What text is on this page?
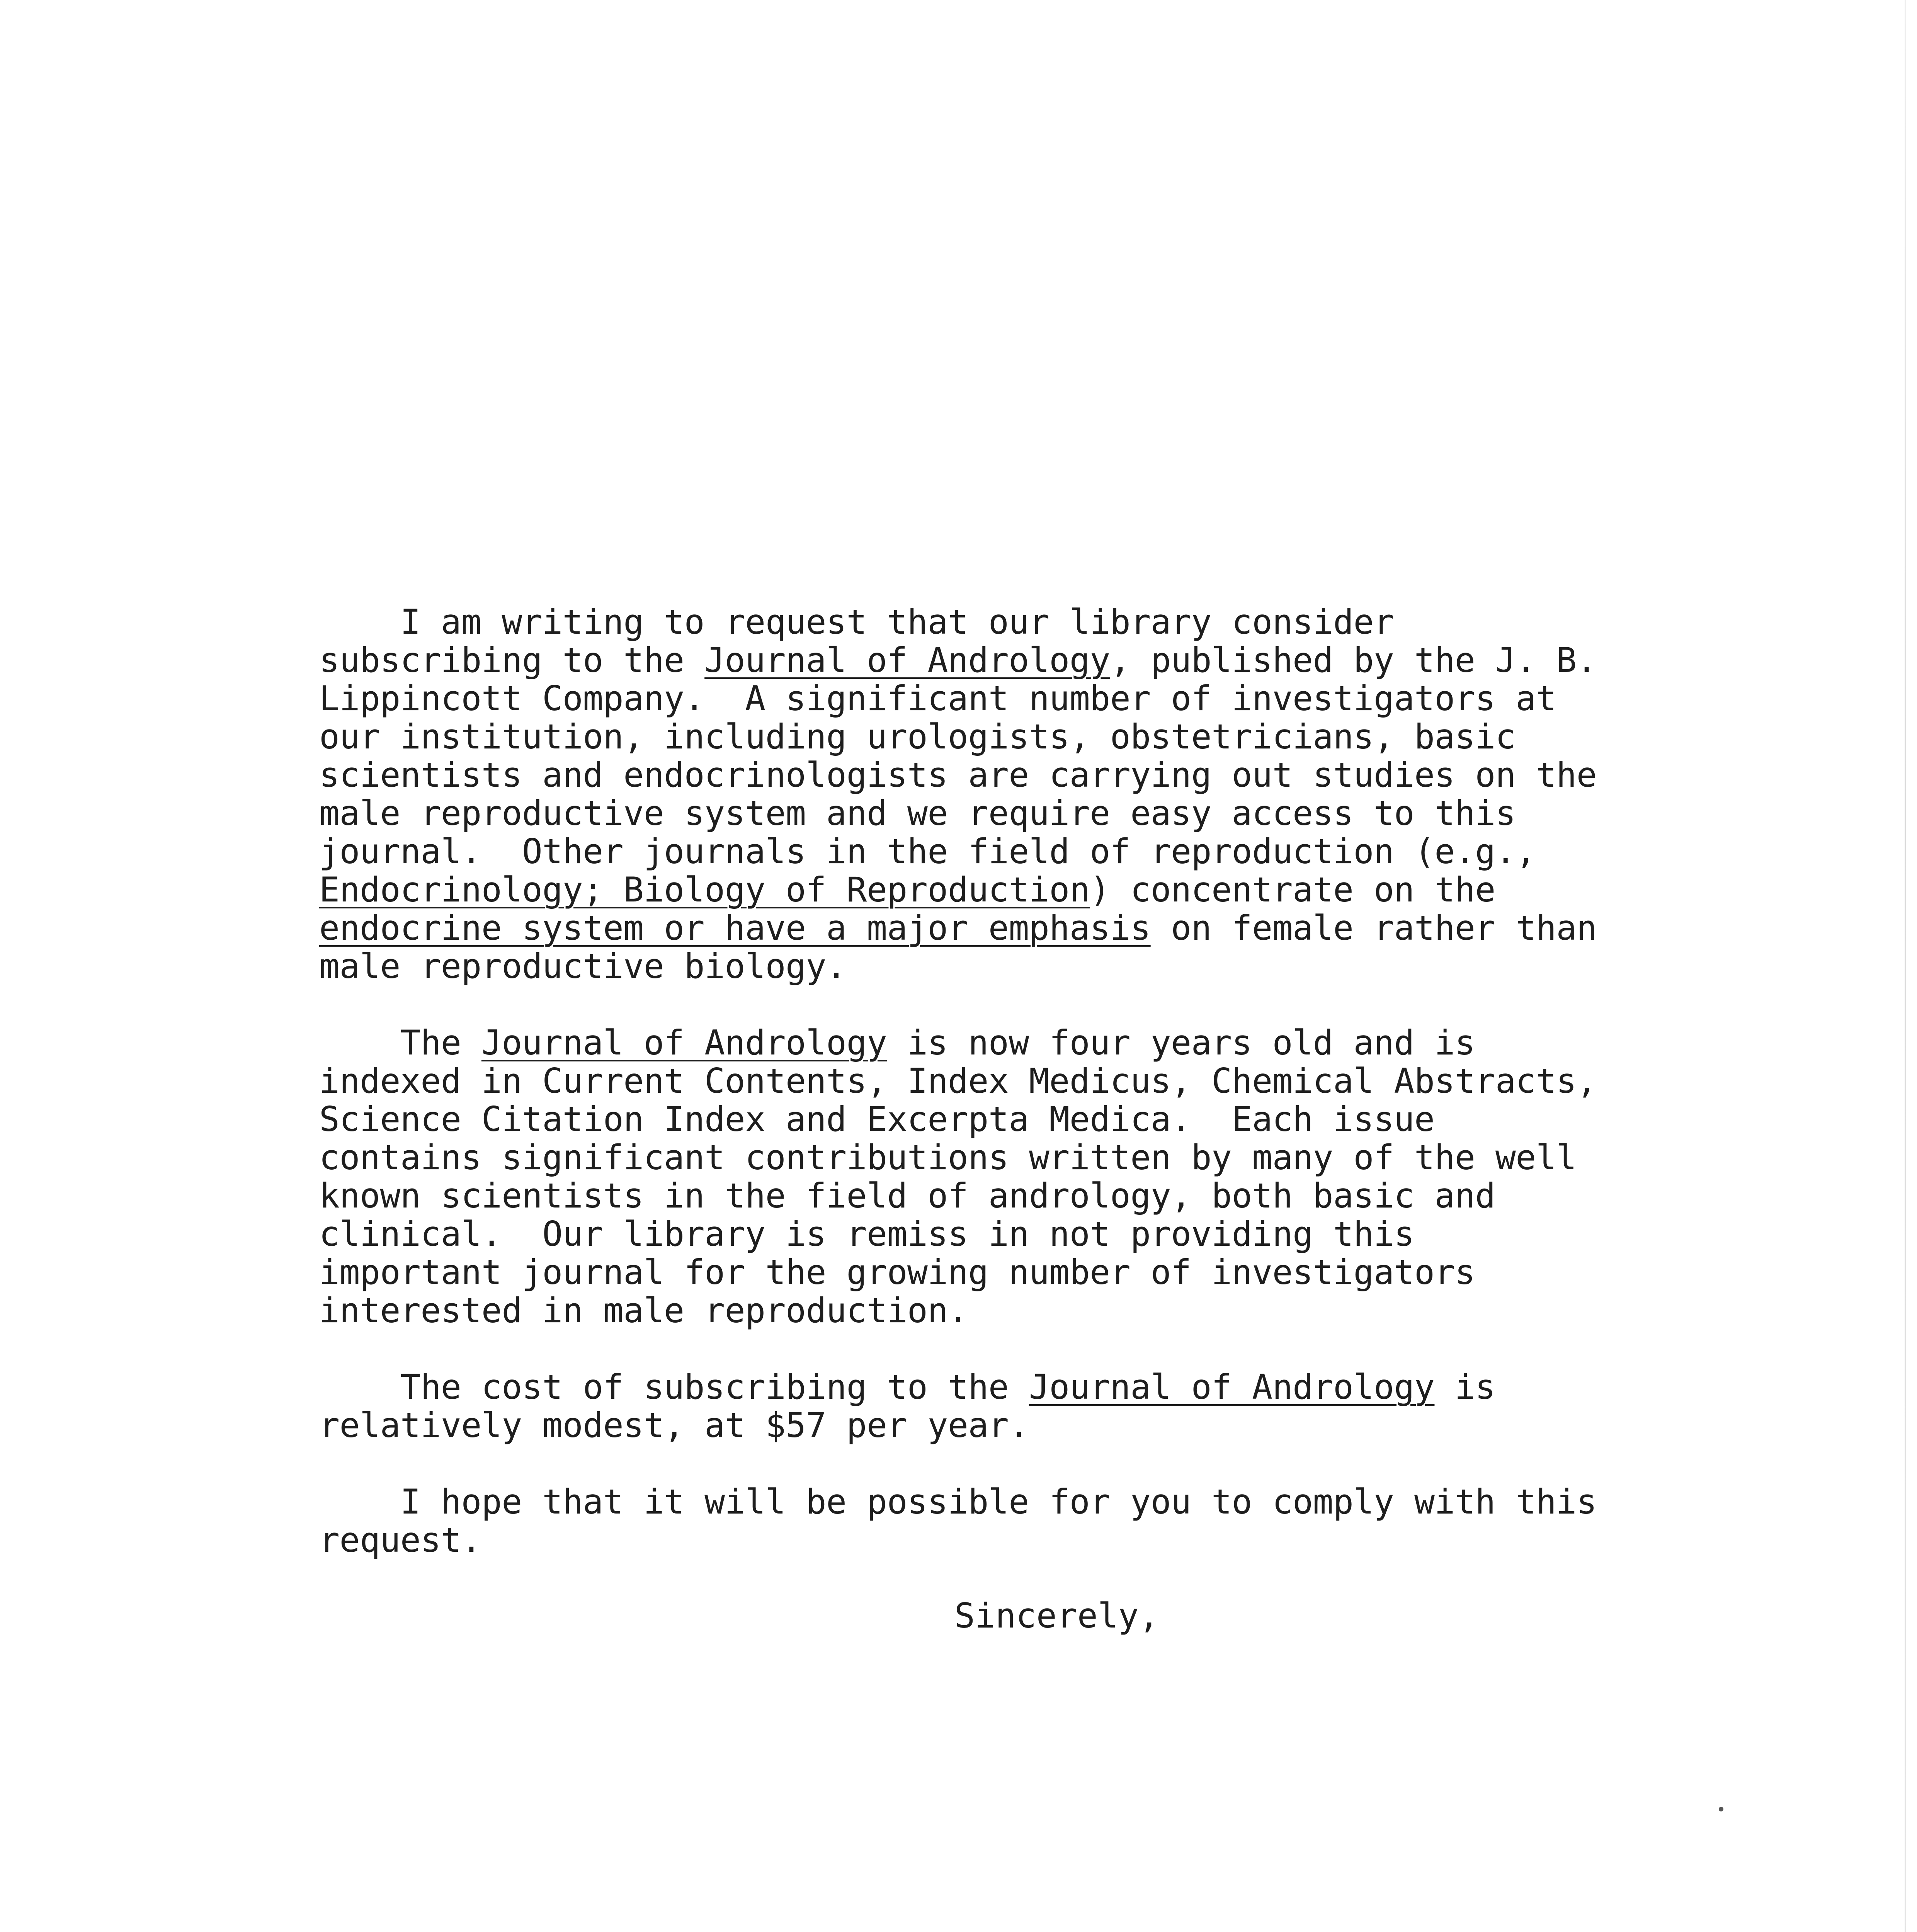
I am writing to request that our library consider
subscribing to the Journal of Andrology, published by the J. B.
Lippincott Company.  A significant number of investigators at
our institution, including urologists, obstetricians, basic
scientists and endocrinologists are carrying out studies on the
male reproductive system and we require easy access to this
journal.  Other journals in the field of reproduction (e.g.,
Endocrinology; Biology of Reproduction) concentrate on the
endocrine system or have a major emphasis on female rather than
male reproductive biology.
The Journal of Andrology is now four years old and is
indexed in Current Contents, Index Medicus, Chemical Abstracts,
Science Citation Index and Excerpta Medica.  Each issue
contains significant contributions written by many of the well
known scientists in the field of andrology, both basic and
clinical.  Our library is remiss in not providing this
important journal for the growing number of investigators
interested in male reproduction.
The cost of subscribing to the Journal of Andrology is
relatively modest, at $57 per year.
I hope that it will be possible for you to comply with this
request.
Sincerely,
